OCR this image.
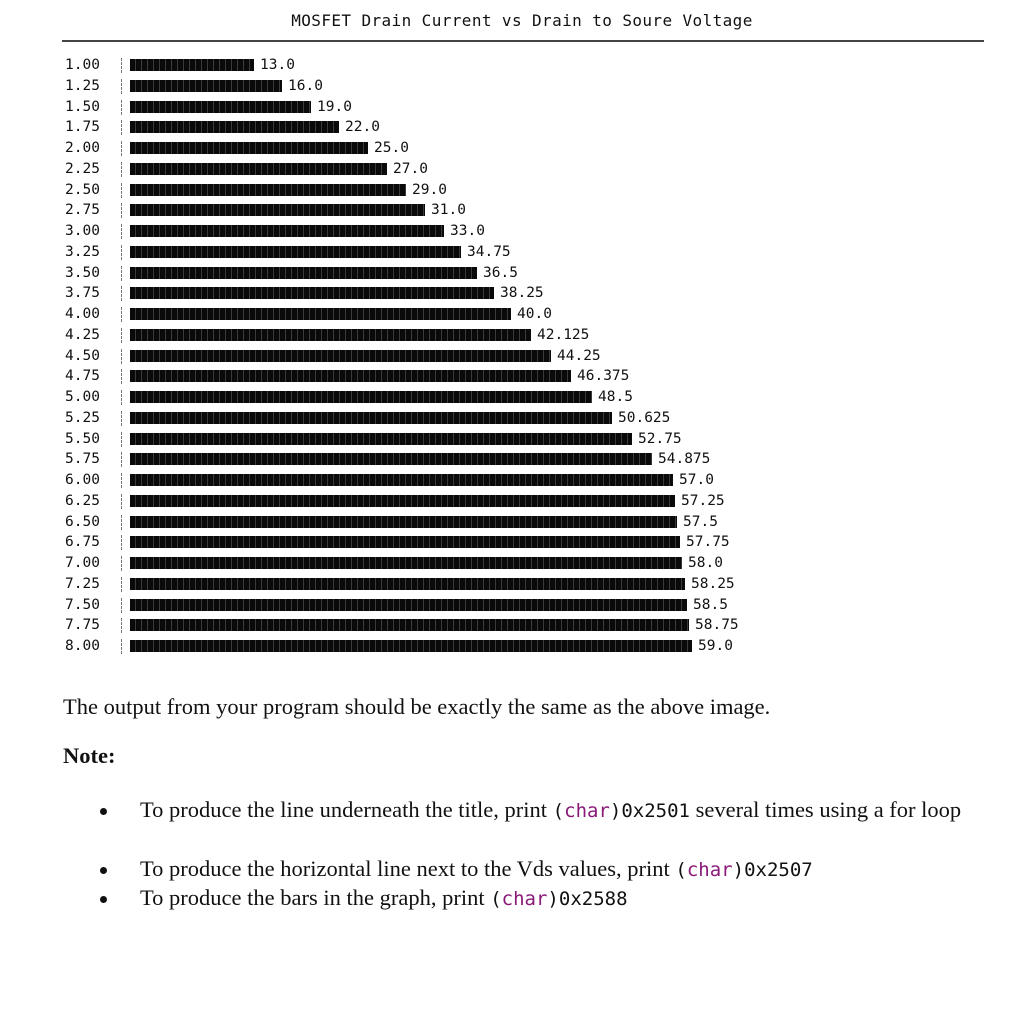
MOSFET Drain Current vs Drain to Soure Voltage
1.00	13.0
1.25	16.0
1.50	19.0
1.75	22.0
2.00	25.0
2.25	27.0
2.50	29.0
2.75	31.0
3.00	33.0
3.25	34.75
3.50	36.5
3.75	38.25
4.00	40.0
4.25	42.125
4.50	44.25
4.75	46.375
5.00	48.5
5.25	50.625
5.50	52.75
5.75	54.875
6.00	57.0
6.25	57.25
6.50	57.5
6.75	57.75
7.00	58.0
7.25	58.25
7.50	58.5
7.75	58.75
8.00	59.0
The output from your program should be exactly the same as the above image.
Note:
To produce the line underneath the title, print (char)0x2501 several times using a for loop
To produce the horizontal line next to the Vds values, print (char)0x2507
To produce the bars in the graph, print (char)0x2588
